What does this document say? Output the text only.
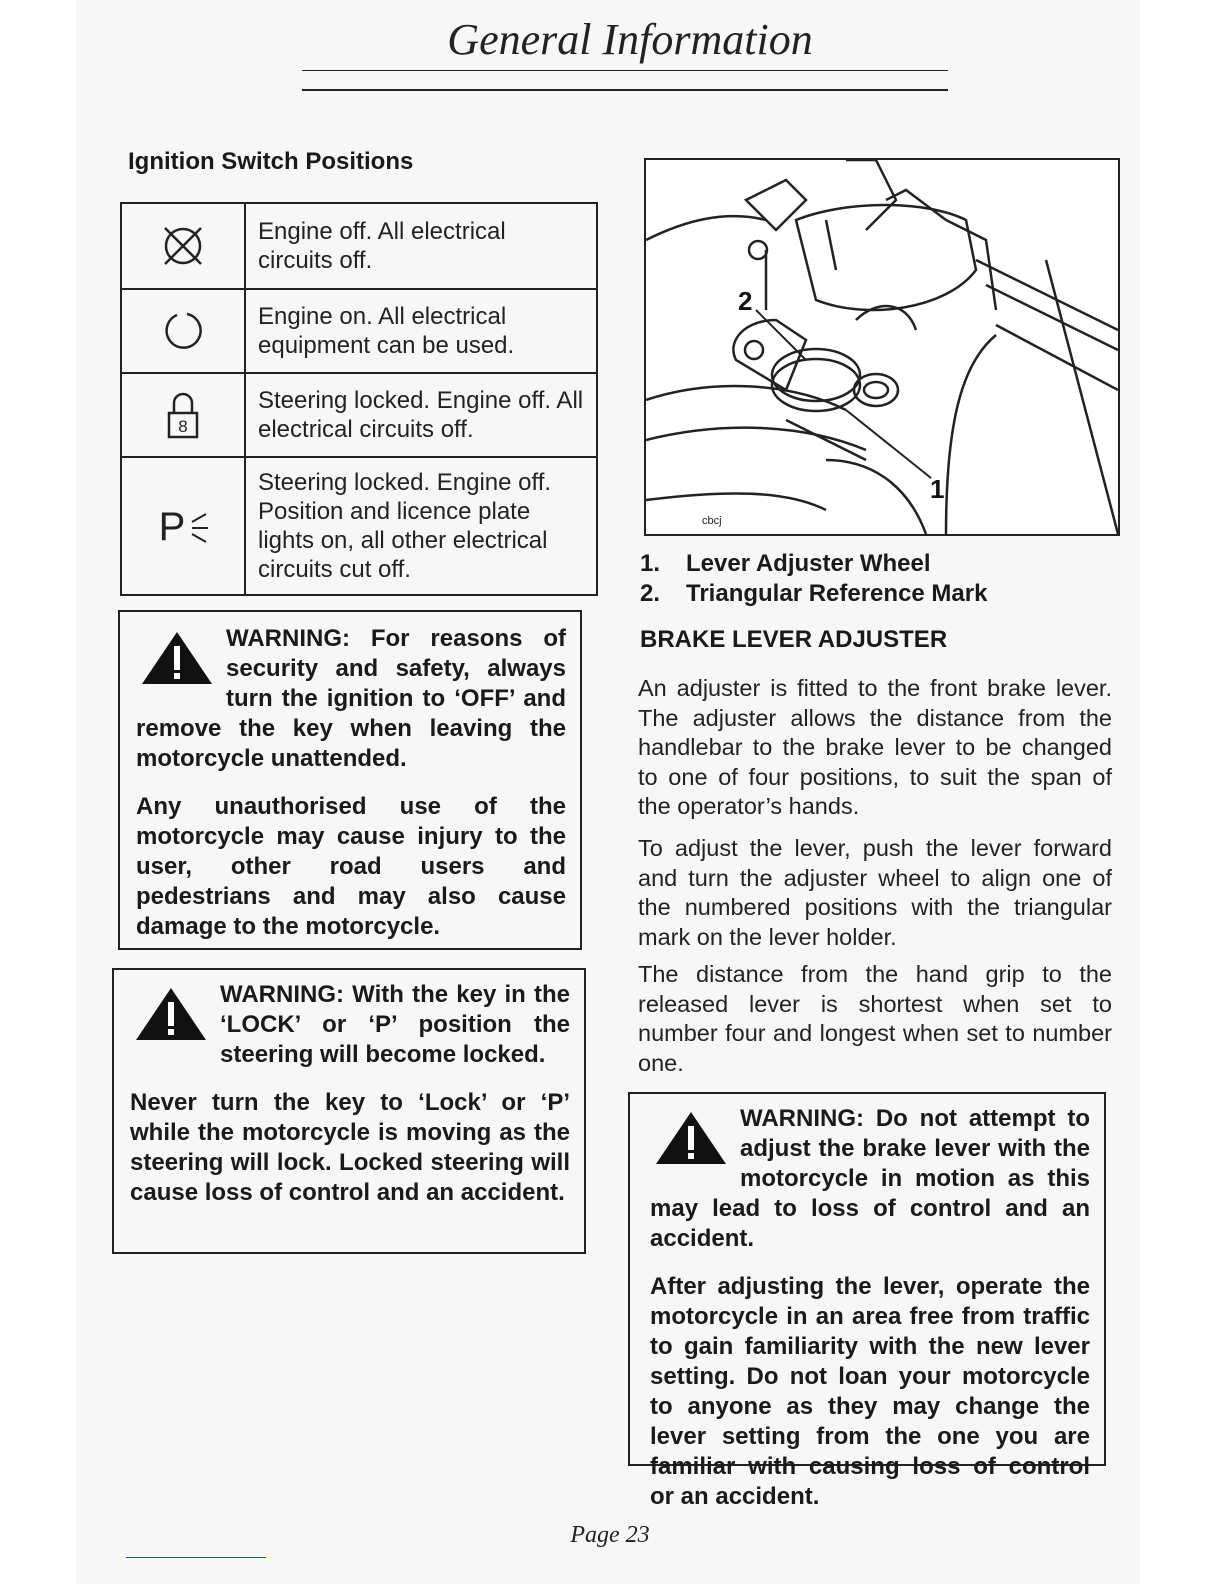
General Information
Ignition Switch Positions
	Engine off. All electrical circuits off.

	Engine on. All electrical equipment can be used.

8	Steering locked. Engine off. All electrical circuits off.

P	Steering locked. Engine off. Position and licence plate lights on, all other electrical circuits cut off.

WARNING: For reasons of security and safety, always turn the ignition to ‘OFF’ and remove the key when leaving the motorcycle unattended.

Any unauthorised use of the motorcycle may cause injury to the user, other road users and pedestrians and may also cause damage to the motorcycle.

WARNING: With the key in the ‘LOCK’ or ‘P’ position the steering will become locked.

Never turn the key to ‘Lock’ or ‘P’ while the motorcycle is moving as the steering will lock. Locked steering will cause loss of control and an accident.

2
1
cbcj
1. Lever Adjuster Wheel
2. Triangular Reference Mark
BRAKE LEVER ADJUSTER
An adjuster is fitted to the front brake lever. The adjuster allows the distance from the handlebar to the brake lever to be changed to one of four positions, to suit the span of the operator’s hands.
To adjust the lever, push the lever forward and turn the adjuster wheel to align one of the numbered positions with the triangular mark on the lever holder.
The distance from the hand grip to the released lever is shortest when set to number four and longest when set to number one.

WARNING: Do not attempt to adjust the brake lever with the motorcycle in motion as this may lead to loss of control and an accident.

After adjusting the lever, operate the motorcycle in an area free from traffic to gain familiarity with the new lever setting. Do not loan your motorcycle to anyone as they may change the lever setting from the one you are familiar with causing loss of control or an accident.

Page 23
